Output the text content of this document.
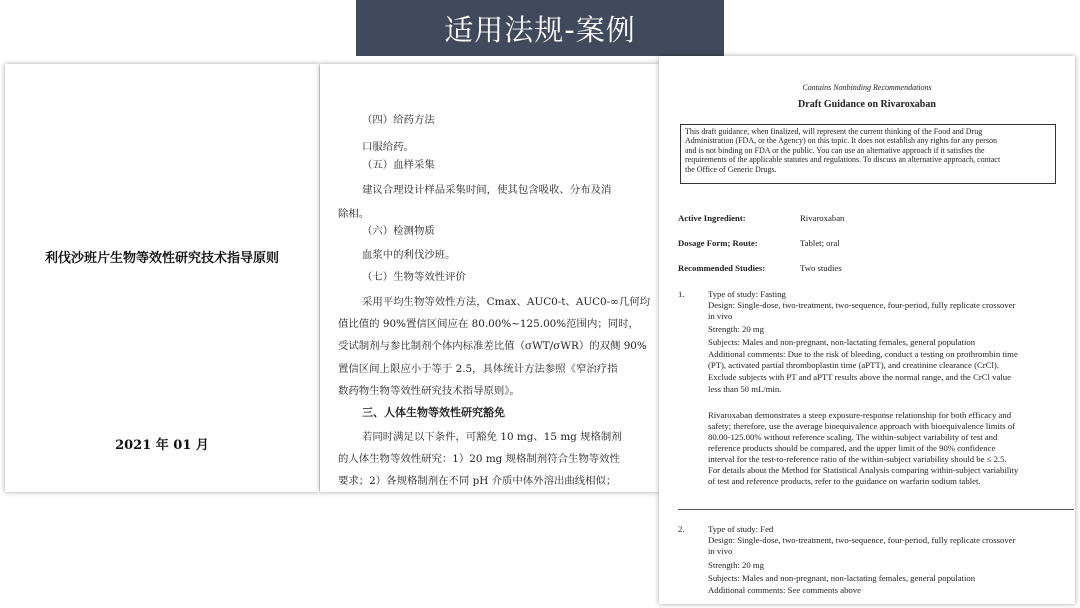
适用法规-案例
利伐沙班片生物等效性研究技术指导原则
2021 年 01 月
（四）给药方法
口服给药。
（五）血样采集
建议合理设计样品采集时间，使其包含吸收、分布及消
除相。
（六）检测物质
血浆中的利伐沙班。
（七）生物等效性评价
采用平均生物等效性方法，Cmax、AUC0-t、AUC0-∞几何均
值比值的 90%置信区间应在 80.00%~125.00%范围内；同时，
受试制剂与参比制剂个体内标准差比值（σWT/σWR）的双侧 90%
置信区间上限应小于等于 2.5，具体统计方法参照《窄治疗指
数药物生物等效性研究技术指导原则》。
三、人体生物等效性研究豁免
若同时满足以下条件，可豁免 10 mg、15 mg 规格制剂
的人体生物等效性研究：1）20 mg 规格制剂符合生物等效性
要求；2）各规格制剂在不同 pH 介质中体外溶出曲线相似；
Contains Nonbinding Recommendations
Draft Guidance on Rivaroxaban
This draft guidance, when finalized, will represent the current thinking of the Food and Drug
Administration (FDA, or the Agency) on this topic. It does not establish any rights for any person
and is not binding on FDA or the public. You can use an alternative approach if it satisfies the
requirements of the applicable statutes and regulations. To discuss an alternative approach, contact
the Office of Generic Drugs.
Active Ingredient:	Rivaroxaban
Dosage Form; Route:	Tablet; oral
Recommended Studies:	Two studies
1.	Type of study: Fasting
Design: Single-dose, two-treatment, two-sequence, four-period, fully replicate crossover
in vivo
Strength: 20 mg
Subjects: Males and non-pregnant, non-lactating females, general population
Additional comments: Due to the risk of bleeding, conduct a testing on prothrombin time
(PT), activated partial thromboplastin time (aPTT), and creatinine clearance (CrCl).
Exclude subjects with PT and aPTT results above the normal range, and the CrCl value
less than 50 mL/min.
Rivaroxaban demonstrates a steep exposure-response relationship for both efficacy and
safety; therefore, use the average bioequivalence approach with bioequivalence limits of
80.00-125.00% without reference scaling. The within-subject variability of test and
reference products should be compared, and the upper limit of the 90% confidence
interval for the test-to-reference ratio of the within-subject variability should be ≤ 2.5.
For details about the Method for Statistical Analysis comparing within-subject variability
of test and reference products, refer to the guidance on warfarin sodium tablet.
2.	Type of study: Fed
Design: Single-dose, two-treatment, two-sequence, four-period, fully replicate crossover
in vivo
Strength: 20 mg
Subjects: Males and non-pregnant, non-lactating females, general population
Additional comments: See comments above
